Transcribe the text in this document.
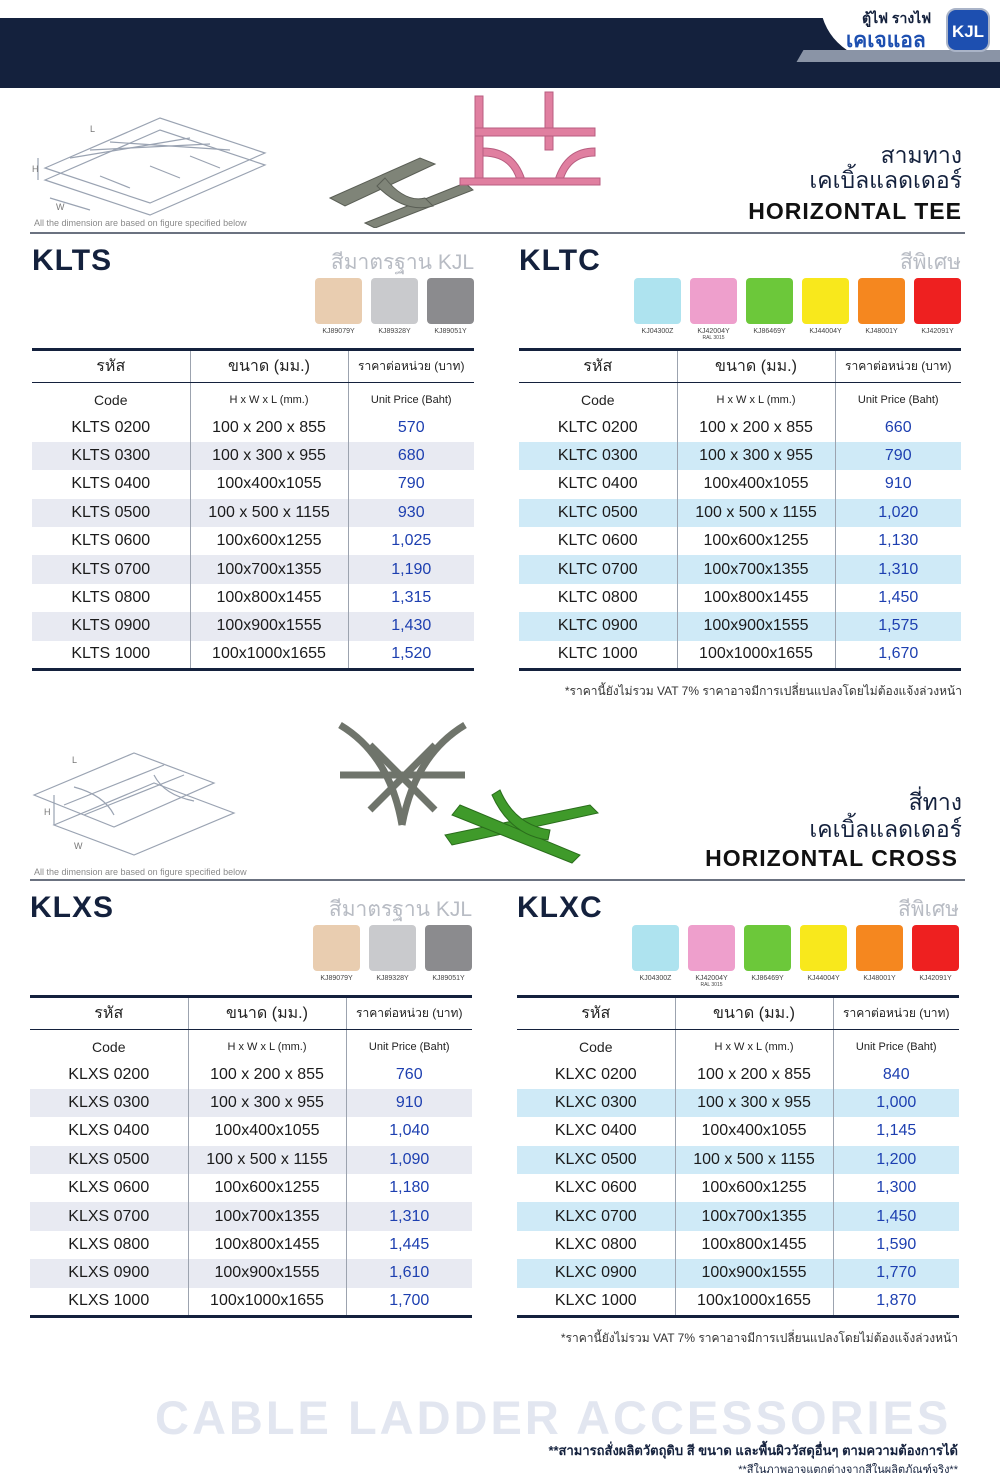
ตู้ไฟ รางไฟ
เคเจแอล	KJL
L
H
W
All the dimension are based on figure specified below
สามทาง
เคเบิ้ลแลดเดอร์
HORIZONTAL TEE
KLTS	สีมาตรฐาน KJL
KJ89079Y	KJ89328Y	KJ89051Y
รหัส	ขนาด (มม.)	ราคาต่อหน่วย (บาท)
Code	H x W x L (mm.)	Unit Price (Baht)
KLTS 0200	100 x 200 x 855	570
KLTS 0300	100 x 300 x 955	680
KLTS 0400	100x400x1055	790
KLTS 0500	100 x 500 x 1155	930
KLTS 0600	100x600x1255	1,025
KLTS 0700	100x700x1355	1,190
KLTS 0800	100x800x1455	1,315
KLTS 0900	100x900x1555	1,430
KLTS 1000	100x1000x1655	1,520
KLTC	สีพิเศษ
KJ04300Z	KJ42004Y
RAL 3015
KJ86469Y	KJ44004Y	KJ48001Y	KJ42091Y
รหัส	ขนาด (มม.)	ราคาต่อหน่วย (บาท)
Code	H x W x L (mm.)	Unit Price (Baht)
KLTC 0200	100 x 200 x 855	660
KLTC 0300	100 x 300 x 955	790
KLTC 0400	100x400x1055	910
KLTC 0500	100 x 500 x 1155	1,020
KLTC 0600	100x600x1255	1,130
KLTC 0700	100x700x1355	1,310
KLTC 0800	100x800x1455	1,450
KLTC 0900	100x900x1555	1,575
KLTC 1000	100x1000x1655	1,670
*ราคานี้ยังไม่รวม VAT 7% ราคาอาจมีการเปลี่ยนแปลงโดยไม่ต้องแจ้งล่วงหน้า
L
H
W
All the dimension are based on figure specified below
สี่ทาง
เคเบิ้ลแลดเดอร์
HORIZONTAL CROSS
KLXS	สีมาตรฐาน KJL
KJ89079Y	KJ89328Y	KJ89051Y
รหัส	ขนาด (มม.)	ราคาต่อหน่วย (บาท)
Code	H x W x L (mm.)	Unit Price (Baht)
KLXS 0200	100 x 200 x 855	760
KLXS 0300	100 x 300 x 955	910
KLXS 0400	100x400x1055	1,040
KLXS 0500	100 x 500 x 1155	1,090
KLXS 0600	100x600x1255	1,180
KLXS 0700	100x700x1355	1,310
KLXS 0800	100x800x1455	1,445
KLXS 0900	100x900x1555	1,610
KLXS 1000	100x1000x1655	1,700
KLXC	สีพิเศษ
KJ04300Z	KJ42004Y
RAL 3015
KJ86469Y	KJ44004Y	KJ48001Y	KJ42091Y
รหัส	ขนาด (มม.)	ราคาต่อหน่วย (บาท)
Code	H x W x L (mm.)	Unit Price (Baht)
KLXC 0200	100 x 200 x 855	840
KLXC 0300	100 x 300 x 955	1,000
KLXC 0400	100x400x1055	1,145
KLXC 0500	100 x 500 x 1155	1,200
KLXC 0600	100x600x1255	1,300
KLXC 0700	100x700x1355	1,450
KLXC 0800	100x800x1455	1,590
KLXC 0900	100x900x1555	1,770
KLXC 1000	100x1000x1655	1,870
*ราคานี้ยังไม่รวม VAT 7% ราคาอาจมีการเปลี่ยนแปลงโดยไม่ต้องแจ้งล่วงหน้า
CABLE LADDER ACCESSORIES
**สามารถสั่งผลิตวัตถุดิบ สี ขนาด และพื้นผิววัสดุอื่นๆ ตามความต้องการได้
**สีในภาพอาจแตกต่างจากสีในผลิตภัณฑ์จริง**
